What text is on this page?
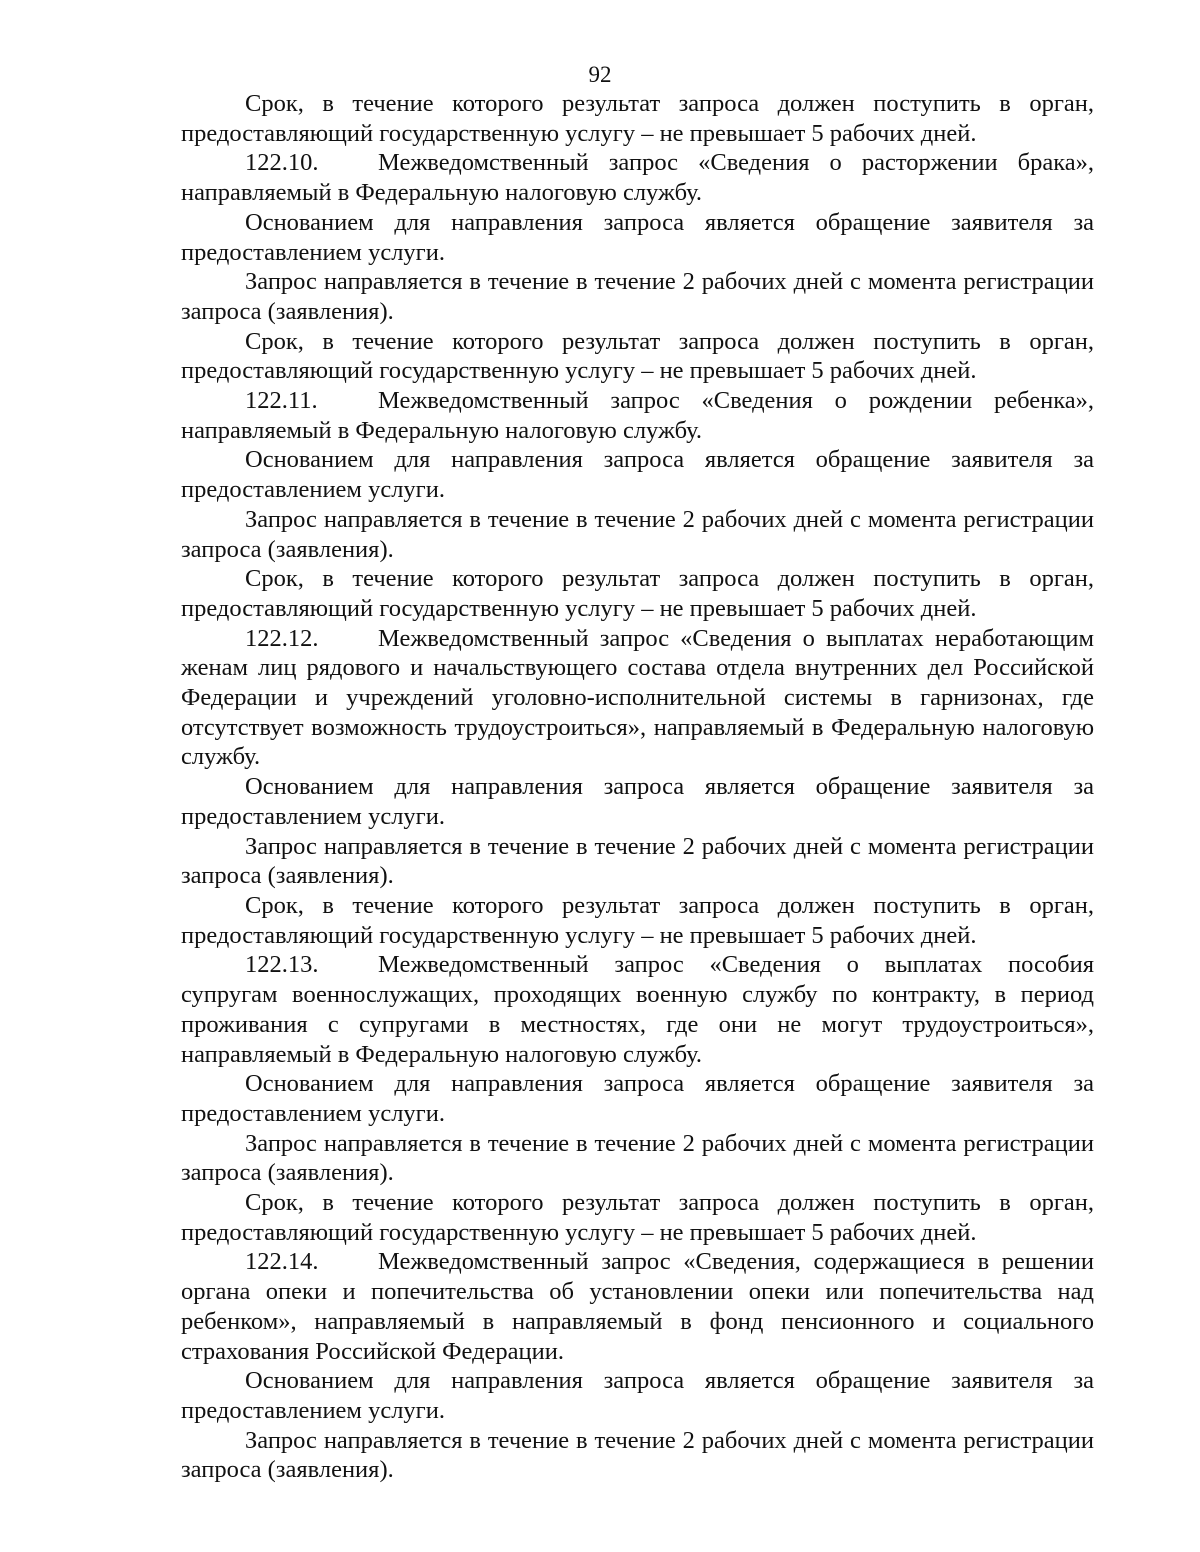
92

Срок, в течение которого результат запроса должен поступить в орган, предоставляющий государственную услугу – не превышает 5 рабочих дней.

122.10. Межведомственный запрос «Сведения о расторжении брака», направляемый в Федеральную налоговую службу.

Основанием для направления запроса является обращение заявителя за предоставлением услуги.

Запрос направляется в течение в течение 2 рабочих дней с момента регистрации запроса (заявления).

Срок, в течение которого результат запроса должен поступить в орган, предоставляющий государственную услугу – не превышает 5 рабочих дней.

122.11. Межведомственный запрос «Сведения о рождении ребенка», направляемый в Федеральную налоговую службу.

Основанием для направления запроса является обращение заявителя за предоставлением услуги.

Запрос направляется в течение в течение 2 рабочих дней с момента регистрации запроса (заявления).

Срок, в течение которого результат запроса должен поступить в орган, предоставляющий государственную услугу – не превышает 5 рабочих дней.

122.12. Межведомственный запрос «Сведения о выплатах неработающим женам лиц рядового и начальствующего состава отдела внутренних дел Российской Федерации и учреждений уголовно-исполнительной системы в гарнизонах, где отсутствует возможность трудоустроиться», направляемый в Федеральную налоговую службу.

Основанием для направления запроса является обращение заявителя за предоставлением услуги.

Запрос направляется в течение в течение 2 рабочих дней с момента регистрации запроса (заявления).

Срок, в течение которого результат запроса должен поступить в орган, предоставляющий государственную услугу – не превышает 5 рабочих дней.

122.13. Межведомственный запрос «Сведения о выплатах пособия супругам военнослужащих, проходящих военную службу по контракту, в период проживания с супругами в местностях, где они не могут трудоустроиться», направляемый в Федеральную налоговую службу.

Основанием для направления запроса является обращение заявителя за предоставлением услуги.

Запрос направляется в течение в течение 2 рабочих дней с момента регистрации запроса (заявления).

Срок, в течение которого результат запроса должен поступить в орган, предоставляющий государственную услугу – не превышает 5 рабочих дней.

122.14. Межведомственный запрос «Сведения, содержащиеся в решении органа опеки и попечительства об установлении опеки или попечительства над ребенком», направляемый в направляемый в фонд пенсионного и социального страхования Российской Федерации.

Основанием для направления запроса является обращение заявителя за предоставлением услуги.

Запрос направляется в течение в течение 2 рабочих дней с момента регистрации запроса (заявления).
